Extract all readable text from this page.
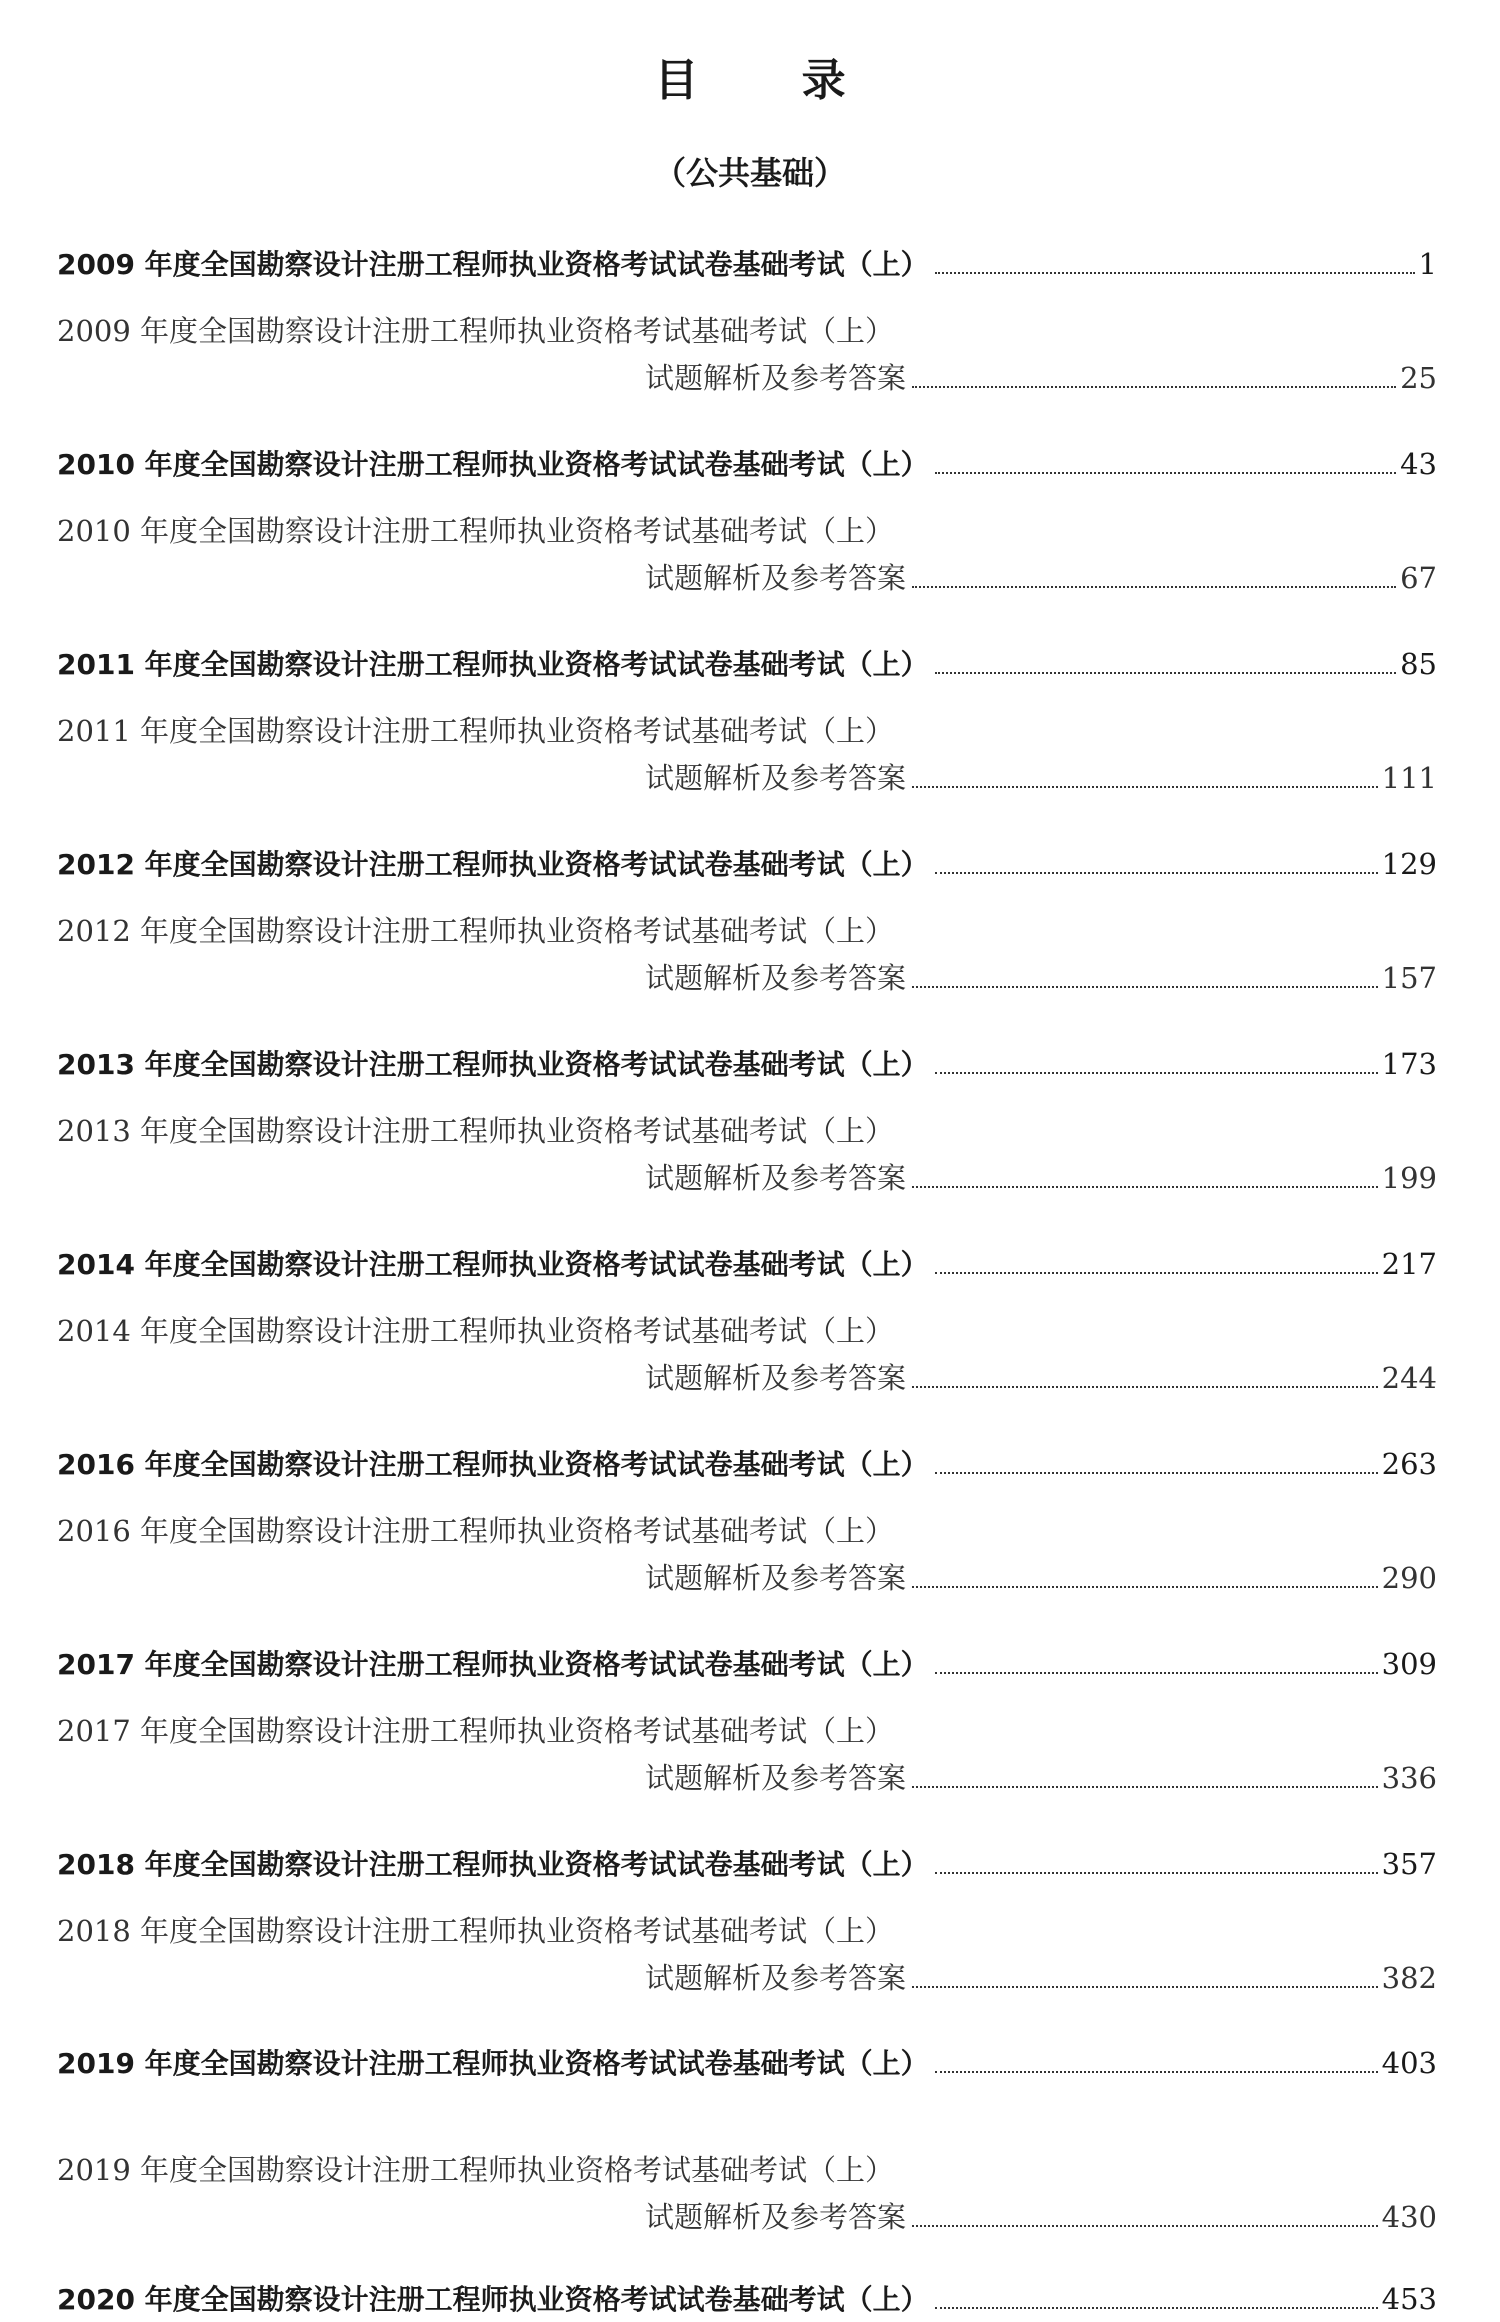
目 录
（公共基础）
2009 年度全国勘察设计注册工程师执业资格考试试卷基础考试（上）	1
2009 年度全国勘察设计注册工程师执业资格考试基础考试（上）
试题解析及参考答案	25
2010 年度全国勘察设计注册工程师执业资格考试试卷基础考试（上）	43
2010 年度全国勘察设计注册工程师执业资格考试基础考试（上）
试题解析及参考答案	67
2011 年度全国勘察设计注册工程师执业资格考试试卷基础考试（上）	85
2011 年度全国勘察设计注册工程师执业资格考试基础考试（上）
试题解析及参考答案	111
2012 年度全国勘察设计注册工程师执业资格考试试卷基础考试（上）	129
2012 年度全国勘察设计注册工程师执业资格考试基础考试（上）
试题解析及参考答案	157
2013 年度全国勘察设计注册工程师执业资格考试试卷基础考试（上）	173
2013 年度全国勘察设计注册工程师执业资格考试基础考试（上）
试题解析及参考答案	199
2014 年度全国勘察设计注册工程师执业资格考试试卷基础考试（上）	217
2014 年度全国勘察设计注册工程师执业资格考试基础考试（上）
试题解析及参考答案	244
2016 年度全国勘察设计注册工程师执业资格考试试卷基础考试（上）	263
2016 年度全国勘察设计注册工程师执业资格考试基础考试（上）
试题解析及参考答案	290
2017 年度全国勘察设计注册工程师执业资格考试试卷基础考试（上）	309
2017 年度全国勘察设计注册工程师执业资格考试基础考试（上）
试题解析及参考答案	336
2018 年度全国勘察设计注册工程师执业资格考试试卷基础考试（上）	357
2018 年度全国勘察设计注册工程师执业资格考试基础考试（上）
试题解析及参考答案	382
2019 年度全国勘察设计注册工程师执业资格考试试卷基础考试（上）	403
2019 年度全国勘察设计注册工程师执业资格考试基础考试（上）
试题解析及参考答案	430
2020 年度全国勘察设计注册工程师执业资格考试试卷基础考试（上）	453
